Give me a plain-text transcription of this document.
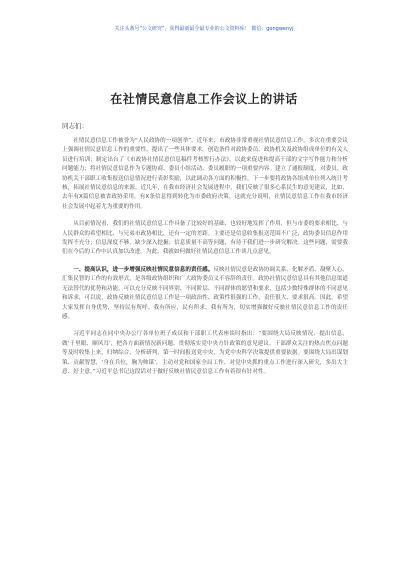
关注头条号“公文研究”，获得最新最全最专业的公文资料库！ 微信：gongwenyj
在社情民意信息工作会议上的讲话
同志们：

社情民意信息工作被誉为“人民政协的一项创举”。近年来，市政协非常重视社情民意信息工作，多次在重要会议上强调社情民意信息工作的重要性，提出了一些具体要求。创造条件对政协委员、政协机关及政协组成单位的有关人员进行培训；制定出台了《市政协社情民意信息稿件考核暂行办法》，以此来促进和提高干部的文字写作能力和分析问题能力；将社情民意信息作为专题协商、委员小组活动、委员履职的一项重要内容。建立了通报制度，对委员、政协机关干部职工收集报送信息情况进行表彰奖励，以此调动各方面的积极性。下一步要将政协各组成单位列入统计考核，拓展社情民意信息的来源。近几年，在我市经济社会发展进程中，我们反映了很多心系民生的意见建议，比如，去年有X篇信息被省政协采用，有X条信息得到转化为市委政府决策。这就充分说明，社情民意信息工作在我市经济社会发展中起着尤为重要的作用。

从目前情况看，我们的社情民意信息工作具备了比较好的基础，也较好地发挥了作用，但与市委的要求相比、与人民群众的希望相比、与兄弟市政协相比，还有一定的差距。主要还是信息收集报送范围不广泛，政协委员信息作用发挥不充分；信息深度不够，缺少深入挖掘；信息质量不高等问题，有待于我们进一步研究解决。这些问题，需要我们在今后的工作中认真加以改进。为此，我就如何做好社情民意信息工作谈几点意见。

一、提高认识，进一步增强反映社情民意信息的责任感。反映社情民意是政协协调关系、化解矛盾、凝聚人心、汇集民智的工作的有效形式，是各级政协组织和广大政协委员义不容辞的责任。政协社情民意信息具有其他信息渠道无法替代的优势和功能，可以充分反映不同界别、不同阶层、不同群体的愿望和要求，包括少数特殊群体的不同意见和诉求，可以说，政协反映社情民意信息工作是一项政治性、政策性很强的工作，责任很大、要求很高。因此，希望大家发挥自身优势，坚持民有所呼、我有所应，民有所求、我有所为，切实增强做好反映社情民意信息工作的责任感。

习近平同志在同中央办公厅各单位班子成员和干部职工代表座谈时指出：“要围绕大局反映情况、提出信息，做‘千里眼、顺风耳’，把各方面新情况新问题、贯彻落实党中央方针政策的意见建议、干部群众关注的热点焦点问题等及时收集上来，归纳综合，分析研判，第一时间报送党中央，为党中央科学决策提供重要依据。要围绕大局出谋划策、贡献智慧，‘身在兵位，胸为帅谋’，主动对党和国家全局工作、对党中央抓的重点工作进行深入研究，多出大主意、好主意。”习近平总书记这段话对于做好反映社情民意信息工作有着很有针对性。
